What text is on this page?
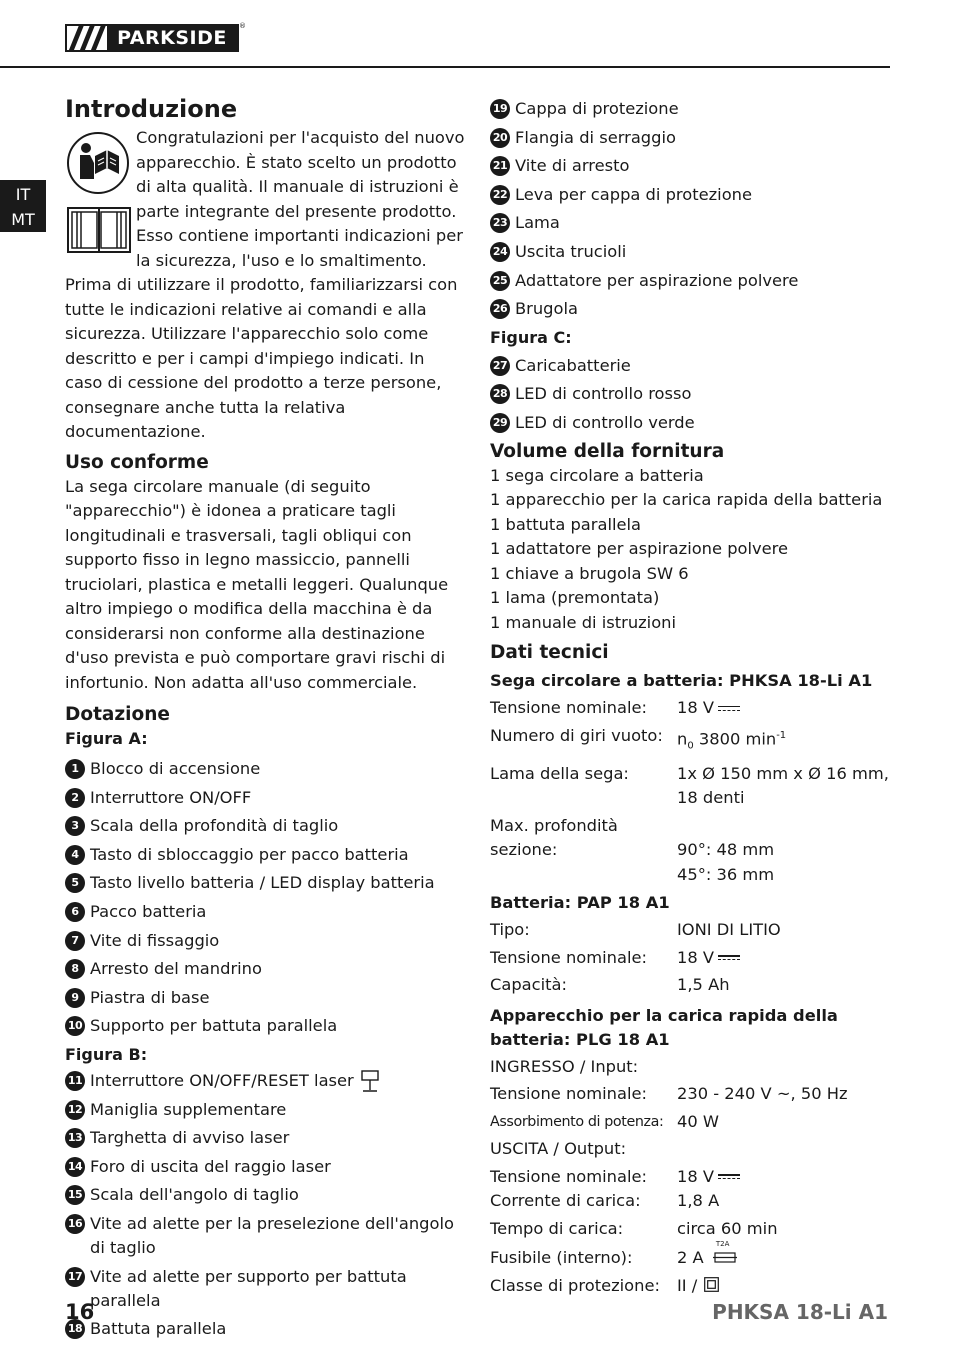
PARKSIDE
®
IT
MT
Introduzione

Congratulazioni per l'acquisto del nuovo apparecchio. È stato scelto un prodotto di alta qualità. Il manuale di istruzioni è parte integrante del presente prodotto. Esso contiene importanti indicazioni per la sicurezza, l'uso e lo smaltimento. Prima di utilizzare il prodotto, familiarizzarsi con tutte le indicazioni relative ai comandi e alla sicurezza. Utilizzare l'apparecchio solo come descritto e per i campi d'impiego indicati. In caso di cessione del prodotto a terze persone, consegnare anche tutta la relativa documentazione.

Uso conforme

La sega circolare manuale (di seguito "apparecchio") è idonea a praticare tagli longitudinali e trasversali, tagli obliqui con supporto fisso in legno massiccio, pannelli truciolari, plastica e metalli leggeri. Qualunque altro impiego o modifica della macchina è da considerarsi non conforme alla destinazione d'uso prevista e può comportare gravi rischi di infortunio. Non adatta all'uso commerciale.

Dotazione
Figura A:
1 Blocco di accensione
2 Interruttore ON/OFF
3 Scala della profondità di taglio
4 Tasto di sbloccaggio per pacco batteria
5 Tasto livello batteria / LED display batteria
6 Pacco batteria
7 Vite di fissaggio
8 Arresto del mandrino
9 Piastra di base
10 Supporto per battuta parallela
Figura B:
11 Interruttore ON/OFF/RESET laser
12 Maniglia supplementare
13 Targhetta di avviso laser
14 Foro di uscita del raggio laser
15 Scala dell'angolo di taglio
16 Vite ad alette per la preselezione dell'angolo di taglio
17 Vite ad alette per supporto per battuta parallela
18 Battuta parallela
19 Cappa di protezione
20 Flangia di serraggio
21 Vite di arresto
22 Leva per cappa di protezione
23 Lama
24 Uscita trucioli
25 Adattatore per aspirazione polvere
26 Brugola
Figura C:
27 Caricabatterie
28 LED di controllo rosso
29 LED di controllo verde
Volume della fornitura
1 sega circolare a batteria
1 apparecchio per la carica rapida della batteria
1 battuta parallela
1 adattatore per aspirazione polvere
1 chiave a brugola SW 6
1 lama (premontata)
1 manuale di istruzioni
Dati tecnici
Sega circolare a batteria: PHKSA 18-Li A1
Tensione nominale:	18 V
Numero di giri vuoto: $n_0$ 3800 $\min^{-1}$
Lama della sega:	1x Ø 150 mm x Ø 16 mm,
18 denti
Max. profondità
sezione:	90°: 48 mm
45°: 36 mm
Batteria: PAP 18 A1
Tipo:	IONI DI LITIO
Tensione nominale:	18 V
Capacità:	1,5 Ah
Apparecchio per la carica rapida della batteria: PLG 18 A1
INGRESSO / Input:
Tensione nominale:	230 - 240 V ~, 50 Hz
Assorbimento di potenza: 40 W
USCITA / Output:
Tensione nominale:	18 V
Corrente di carica:	1,8 A
Tempo di carica:	circa 60 min
Fusibile (interno):	2 A
T2A
Classe di protezione:	II /
16	PHKSA 18-Li A1
